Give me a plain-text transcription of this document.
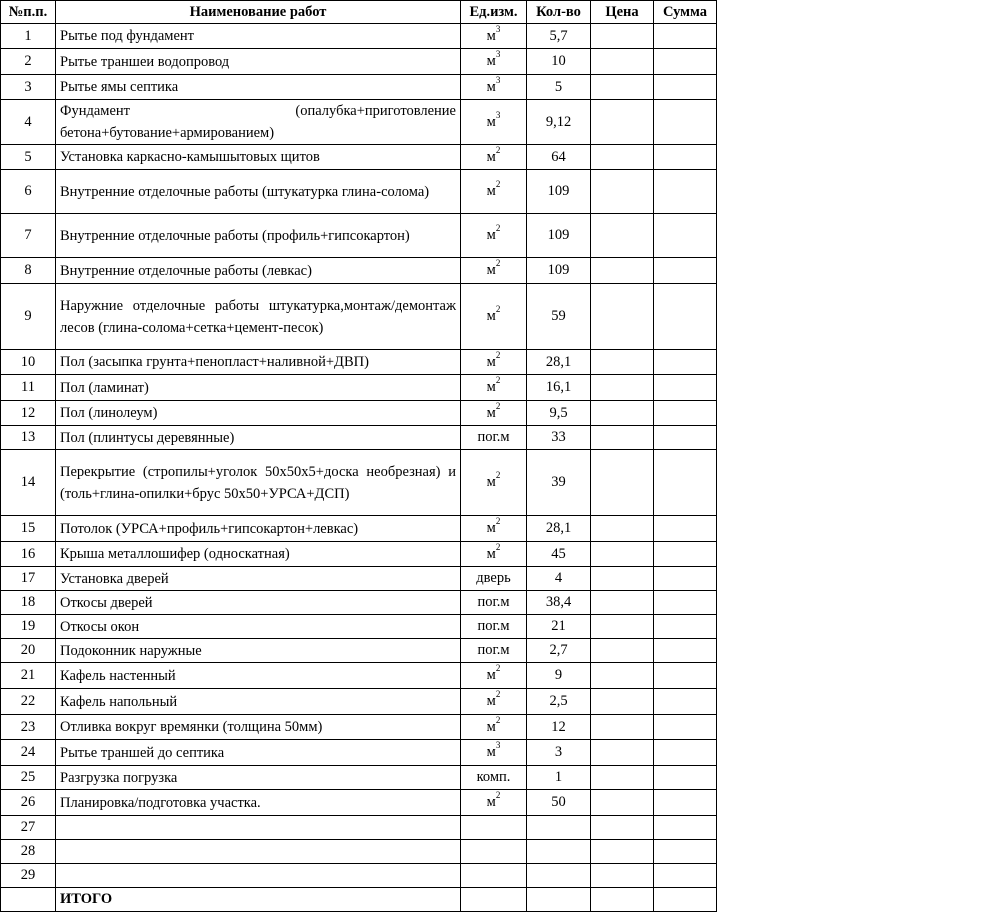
№п.п.	Наименование работ	Ед.изм.	Кол-во	Цена	Сумма
1	Рытье под фундамент	$м^3$	5,7		
2	Рытье траншеи водопровод	$м^3$	10		
3	Рытье ямы септика	$м^3$	5		
4	Фундамент (опалубка+приготовление бетона+бутование+армированием)	$м^3$	9,12		
5	Установка каркасно-камышытовых щитов	$м^2$	64		
6	Внутренние отделочные работы (штукатурка глина-солома)	$м^2$	109		
7	Внутренние отделочные работы (профиль+гипсокартон)	$м^2$	109		
8	Внутренние отделочные работы (левкас)	$м^2$	109		
9	Наружние отделочные работы штукатурка,монтаж/демонтаж лесов (глина-солома+сетка+цемент-песок)	$м^2$	59		
10	Пол (засыпка грунта+пенопласт+наливной+ДВП)	$м^2$	28,1		
11	Пол (ламинат)	$м^2$	16,1		
12	Пол (линолеум)	$м^2$	9,5		
13	Пол (плинтусы деревянные)	пог.м	33		
14	Перекрытие (стропилы+уголок 50х50х5+доска необрезная) и (толь+глина-опилки+брус 50х50+УРСА+ДСП)	$м^2$	39		
15	Потолок (УРСА+профиль+гипсокартон+левкас)	$м^2$	28,1		
16	Крыша металлошифер (односкатная)	$м^2$	45		
17	Установка дверей	дверь	4		
18	Откосы дверей	пог.м	38,4		
19	Откосы окон	пог.м	21		
20	Подоконник наружные	пог.м	2,7		
21	Кафель настенный	$м^2$	9		
22	Кафель напольный	$м^2$	2,5		
23	Отливка вокруг времянки (толщина 50мм)	$м^2$	12		
24	Рытье траншей до септика	$м^3$	3		
25	Разгрузка погрузка	комп.	1		
26	Планировка/подготовка участка.	$м^2$	50		
27					
28					
29					
	ИТОГО				
